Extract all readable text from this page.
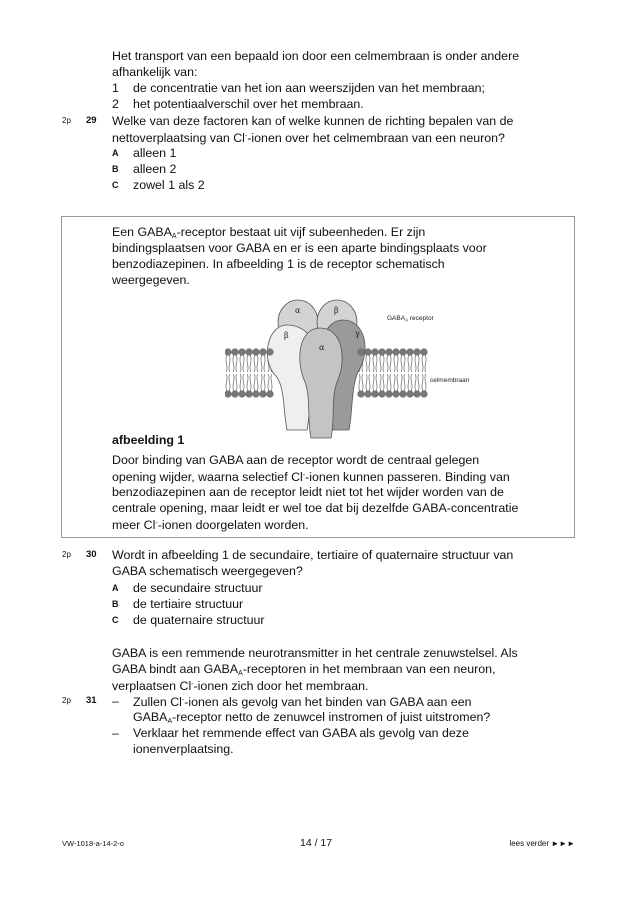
Het transport van een bepaald ion door een celmembraan is onder andere
afhankelijk van:
1 de concentratie van het ion aan weerszijden van het membraan;
2 het potentiaalverschil over het membraan.
2p 29 Welke van deze factoren kan of welke kunnen de richting bepalen van de
nettoverplaatsing van Cl--ionen over het celmembraan van een neuron?
A alleen 1
B alleen 2
C zowel 1 als 2
Een $GABA_A$-receptor bestaat uit vijf subeenheden. Er zijn
bindingsplaatsen voor GABA en er is een aparte bindingsplaats voor
benzodiazepinen. In afbeelding 1 is de receptor schematisch
weergegeven.
α	β
γ
β
α
$GABA_A$ receptor
celmembraan
afbeelding 1
Door binding van GABA aan de receptor wordt de centraal gelegen
opening wijder, waarna selectief Cl--ionen kunnen passeren. Binding van
benzodiazepinen aan de receptor leidt niet tot het wijder worden van de
centrale opening, maar leidt er wel toe dat bij dezelfde GABA-concentratie
meer Cl--ionen doorgelaten worden.
2p 30 Wordt in afbeelding 1 de secundaire, tertiaire of quaternaire structuur van
GABA schematisch weergegeven?
A de secundaire structuur
B de tertiaire structuur
C de quaternaire structuur
GABA is een remmende neurotransmitter in het centrale zenuwstelsel. Als
GABA bindt aan $GABA_A$-receptoren in het membraan van een neuron,
verplaatsen Cl--ionen zich door het membraan.
2p 31 – Zullen Cl--ionen als gevolg van het binden van GABA aan een
$GABA_A$-receptor netto de zenuwcel instromen of juist uitstromen?
– Verklaar het remmende effect van GABA als gevolg van deze
ionenverplaatsing.
VW-1018-a-14-2-o	14 / 17	lees verder ►►►
